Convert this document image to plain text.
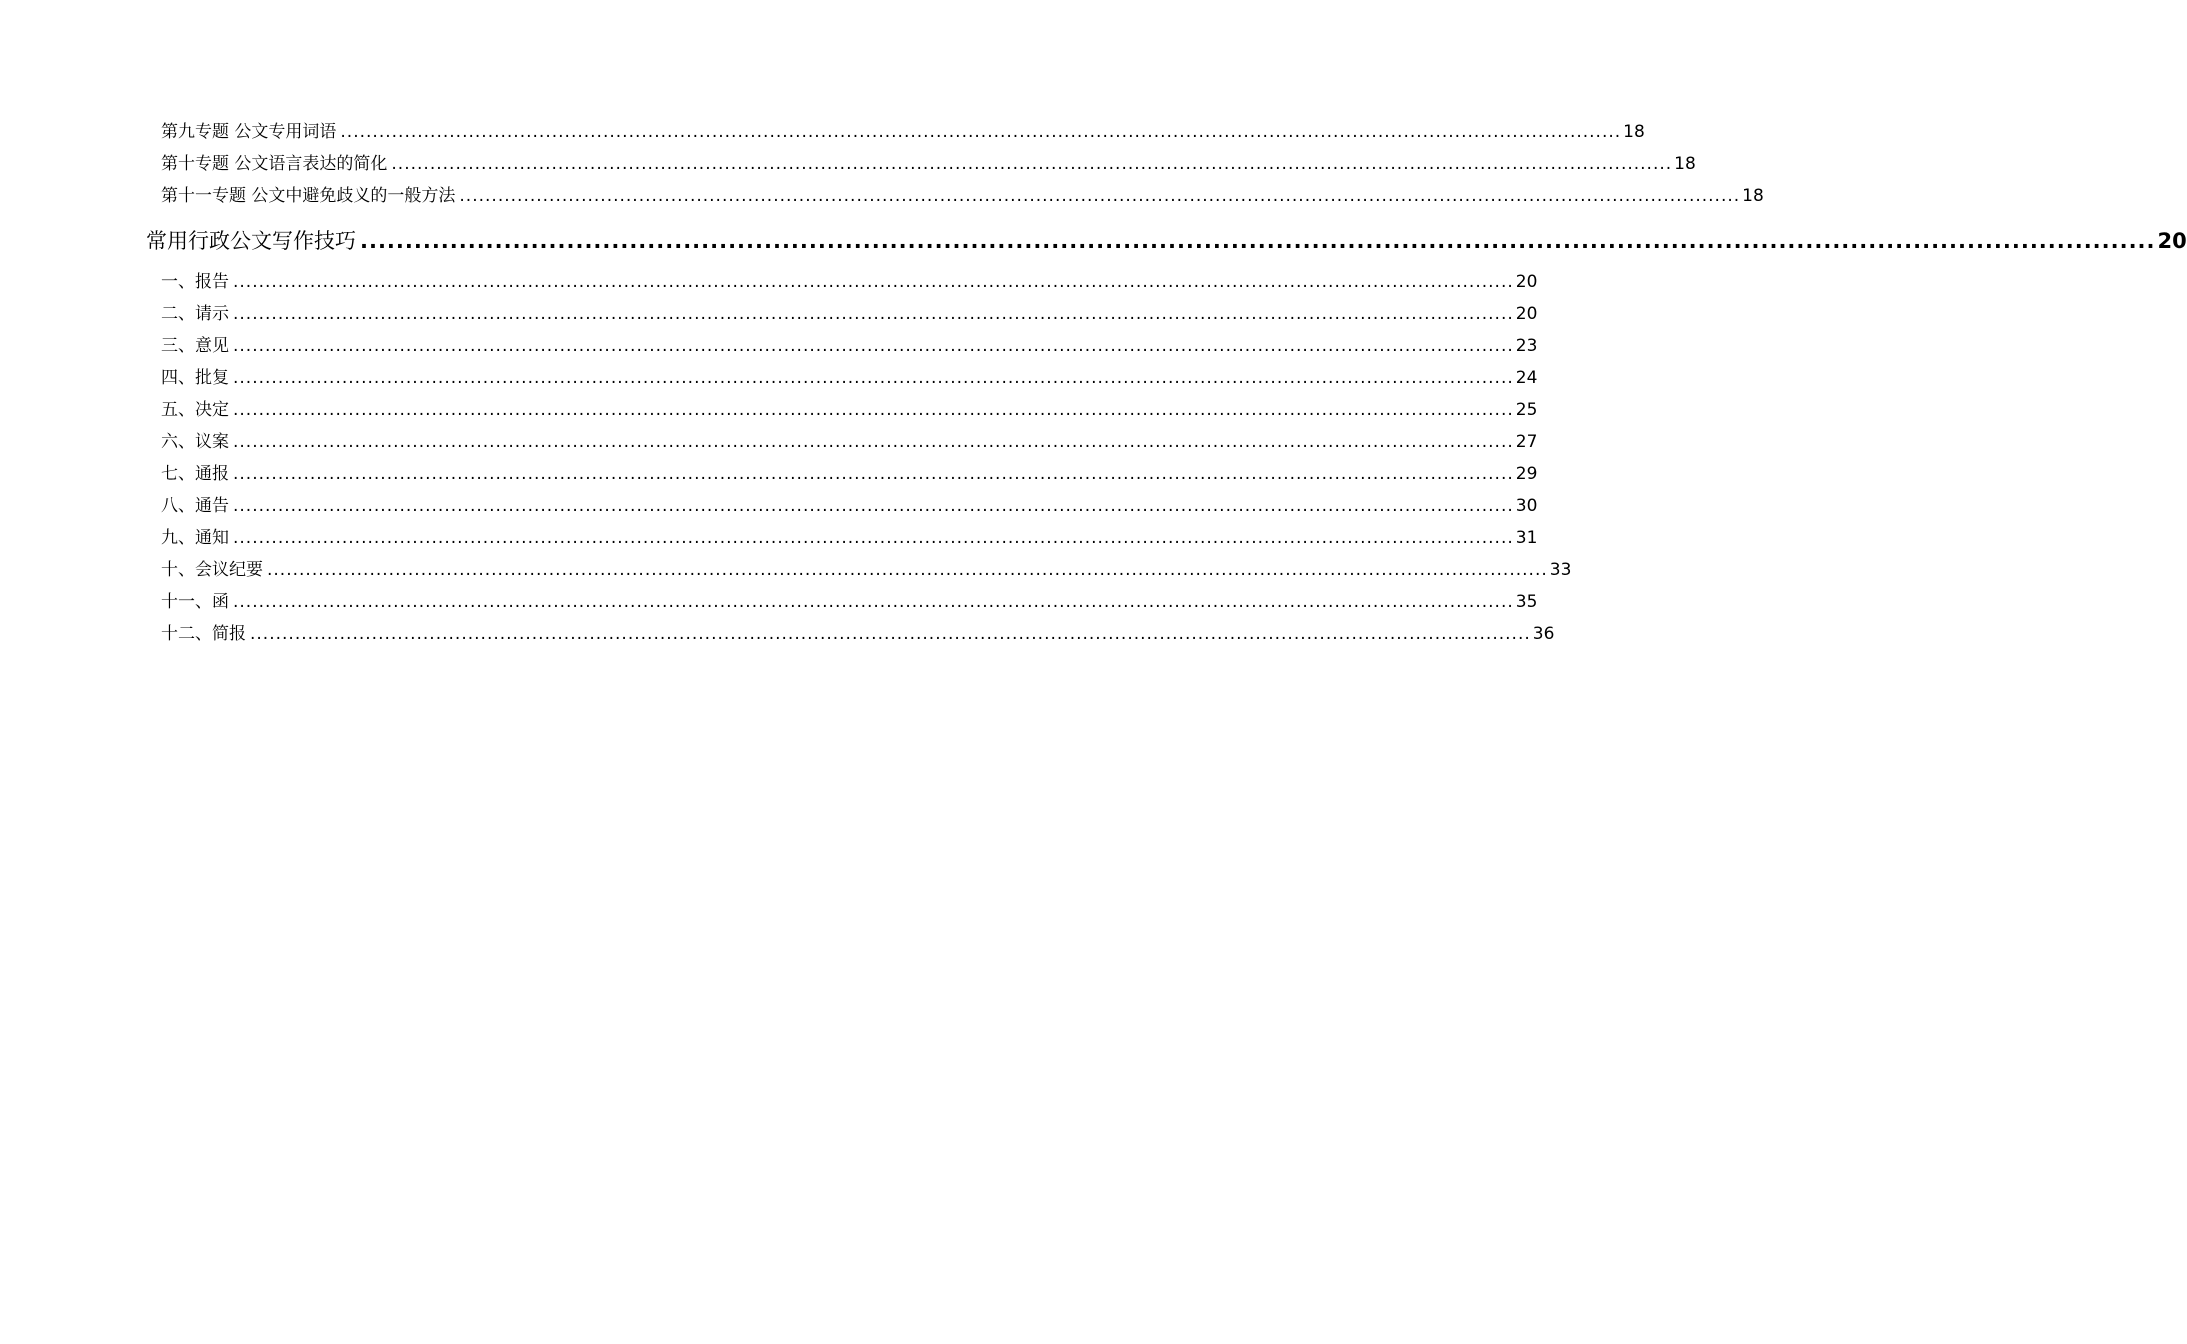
第九专题 公文专用词语 ........................................................................................................................................................................................................ 18
第十专题 公文语言表达的简化 ........................................................................................................................................................................................................ 18
第十一专题 公文中避免歧义的一般方法 ........................................................................................................................................................................................................ 18
常用行政公文写作技巧 ........................................................................................................................................................................................................ 20
一、报告 ........................................................................................................................................................................................................ 20
二、请示 ........................................................................................................................................................................................................ 20
三、意见 ........................................................................................................................................................................................................ 23
四、批复 ........................................................................................................................................................................................................ 24
五、决定 ........................................................................................................................................................................................................ 25
六、议案 ........................................................................................................................................................................................................ 27
七、通报 ........................................................................................................................................................................................................ 29
八、通告 ........................................................................................................................................................................................................ 30
九、通知 ........................................................................................................................................................................................................ 31
十、会议纪要 ........................................................................................................................................................................................................ 33
十一、函 ........................................................................................................................................................................................................ 35
十二、简报 ........................................................................................................................................................................................................ 36
